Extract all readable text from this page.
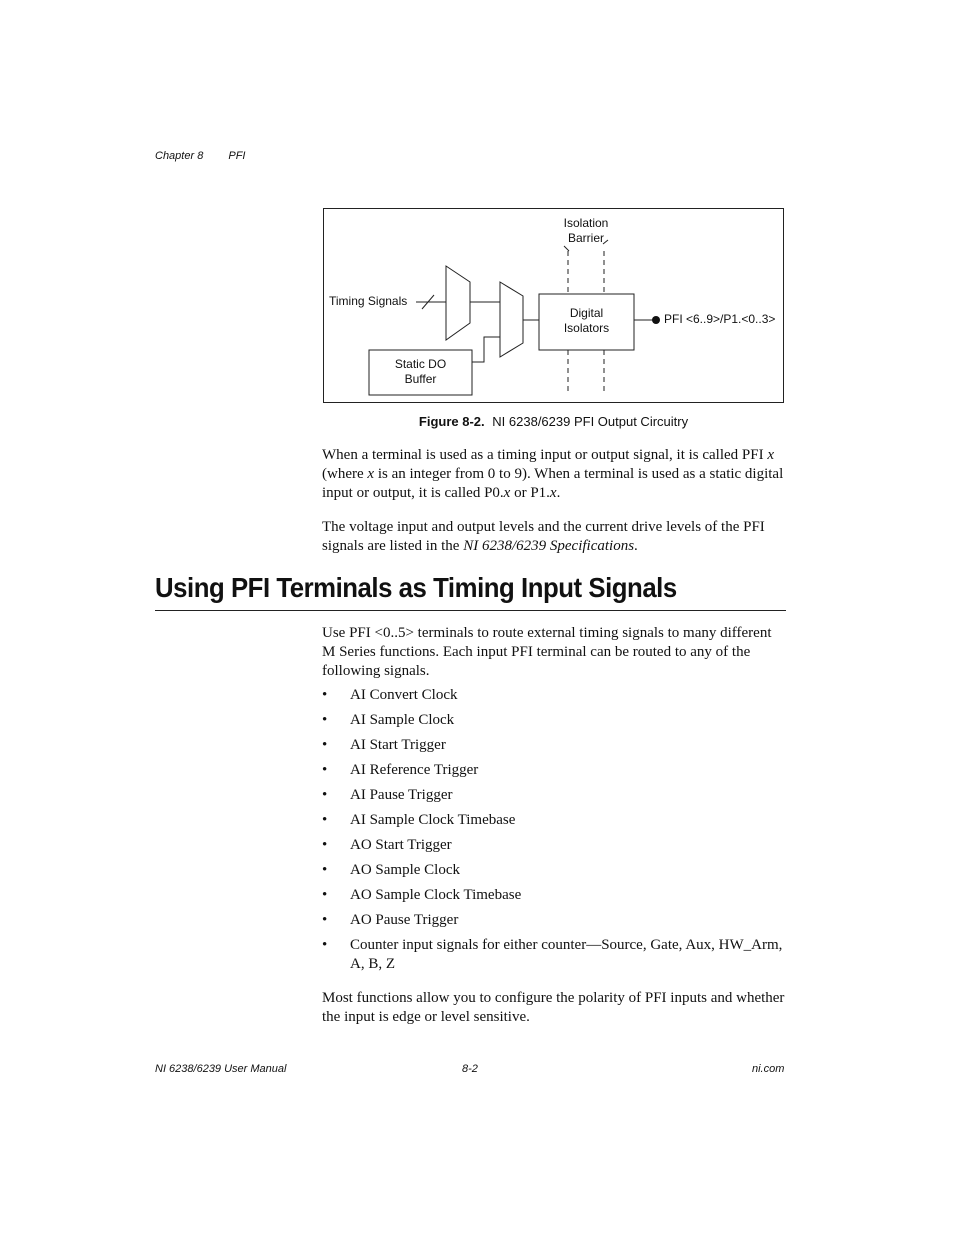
Chapter 8 PFI
Isolation
Barrier
Timing Signals
Digital
Isolators
PFI <6..9>/P1.<0..3>
Static DO
Buffer
Figure 8-2. NI 6238/6239 PFI Output Circuitry

When a terminal is used as a timing input or output signal, it is called PFI x (where x is an integer from 0 to 9). When a terminal is used as a static digital input or output, it is called P0.x or P1.x.

The voltage input and output levels and the current drive levels of the PFI signals are listed in the NI 6238/6239 Specifications.

Using PFI Terminals as Timing Input Signals

Use PFI <0..5> terminals to route external timing signals to many different M Series functions. Each input PFI terminal can be routed to any of the following signals.

• AI Convert Clock
• AI Sample Clock
• AI Start Trigger
• AI Reference Trigger
• AI Pause Trigger
• AI Sample Clock Timebase
• AO Start Trigger
• AO Sample Clock
• AO Sample Clock Timebase
• AO Pause Trigger
• Counter input signals for either counter—Source, Gate, Aux, HW_Arm, A, B, Z

Most functions allow you to configure the polarity of PFI inputs and whether the input is edge or level sensitive.

NI 6238/6239 User Manual	8-2	ni.com
